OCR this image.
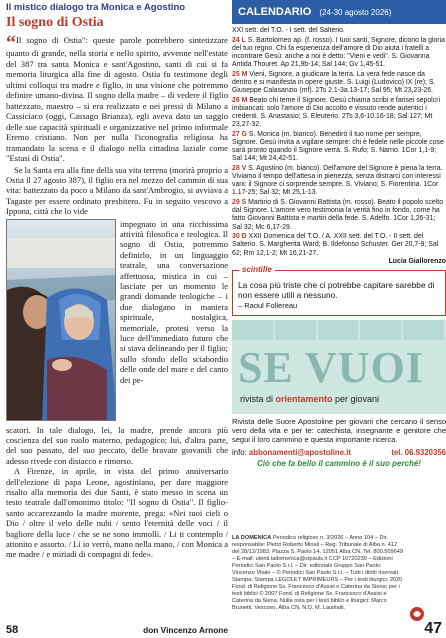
Il mistico dialogo tra Monica e Agostino
Il sogno di Ostia

“Il sogno di Ostia": queste parole potrebbero sintetizzare quanto di grande, nella storia e nello spirito, avvenne nell'estate del 387 tra santa Monica e sant'Agostino, santi di cui si fa memoria liturgica alla fine di agosto. Ostia fu testimone degli ultimi colloqui tra madre e figlio, in una visione che potremmo definire umano-divina. Il sogno della madre – di vedere il figlio battezzato, maestro – si era realizzato e nei pressi di Milano a Cassiciaco (oggi, Cassago Brianza), egli aveva dato un saggio delle sue capacità spirituali e organizzative nel primo informale Eremo cristiano. Non per nulla l'iconografia religiosa ha tramandato la scena e il dialogo nella cittadina laziale come "Estasi di Ostia".

Se la Santa era alla fine della sua vita terrena (morirà proprio a Ostia il 27 agosto 387), il figlio era nel mezzo del cammin di sua vita: battezzato da poco a Milano da sant'Ambrogio, si avviava a Tagaste per essere ordinato presbitero. Fu in seguito vescovo a Ippona, città che lo vide

impegnato in una ricchissima attività filosofica e teologica. Il sogno di Ostia, potremmo definirlo, in un linguaggio teatrale, una conversazione affettuosa, mistica in cui – lasciate per un momento le grandi domande teologiche – i due dialogano in maniera spirituale, nostalgica, memoriale, protesi verso la luce dell'immediato futuro che si stava delineando per il figlio; sullo sfondo dello sciabordio delle onde del mare e del canto dei pe-

scatori. In tale dialogo, lei, la madre, prende ancora più coscienza del suo ruolo materno, pedagogico; lui, d'altra parte, del suo passato, del suo peccato, delle bravate giovanili che adesso rivede con distacco e rimorso.

A Firenze, in aprile, in vista del primo anniversario dell'elezione di papa Leone, agostiniano, per dare maggiore risalto alla memoria dei due Santi, è stato messo in scena un testo teatrale dall'omonimo titolo: "Il sogno di Ostia". Il figlio-santo accarezzando la madre morente, prega: «Nei tuoi cieli o Dio / oltre il velo delle nubi / sento l'eternità delle voci / il bagliore della luce / che se ne sono immolli. / Li ti contemplo / attonito e assorto. / Li io verrò, mano nella mano, / con Monica a me madre / e miriadi di compagni di fede».

58	don Vincenzo Arnone
CALENDARIO (24-30 agosto 2026)
XXI sett. del T.O. - I sett. del Salterio.
24 L S. Bartolomeo ap. (f. rosso). I tuoi santi, Signore, dicono la gloria del tuo regno. Chi fa esperienza dell'amore di Dio aiuta i fratelli a incontrare Gesù: anche a noi è detto: "Vieni e vedi". S. Giovanna Antida Thouret. Ap 21,9b-14; Sal 144; Gv 1,45-51.
25 M Vieni, Signore, a giudicare la terra. La vera fede nasce da dentro e si manifesta in opere giuste. S. Luigi (Ludovico) IX (re); S. Giuseppe Calasanzio (mf). 2Ts 2,1-3a.13-17; Sal 95; Mt 23,23-26.
26 M Beato chi teme il Signore. Gesù chiama scribi e farisei sepolcri imbiancati: solo l'amore di Dio accolto e vissuto rende autentici i credenti. S. Anastasio; S. Eleuterio. 2Ts 3,6-10.16-18; Sal 127; Mt 23,27-32.
27 G S. Monica (m. bianco). Benedirò il tuo nome per sempre, Signore. Gesù invita a vigilare sempre: chi è fedele nelle piccole cose sarà pronto quando il Signore verrà. S. Rufo; S. Narno. 1Cor 1,1-9; Sal 144; Mt 24,42-51.
28 V S. Agostino (m. bianco). Dell'amore del Signore è piena la terra. Viviamo il tempo dell'attesa in pienezza, senza distrarci con interessi vani: il Signore ci sorprende sempre. S. Viviano; S. Fiorentina. 1Cor 1,17-25; Sal 32; Mt 25,1-13.
29 S Martirio di S. Giovanni Battista (m. rosso). Beato il popolo scelto dal Signore. L'amore vero testimonia la verità fino in fondo, come ha fatto Giovanni Battista e martiri della fede. S. Adelfo. 1Cor 1,26-31; Sal 32; Mc 6,17-29.
30 D XXII Domenica del T.O. / A. XXII sett. del T.O. - II sett. del Salterio. S. Margherita Ward; B. Ildefonso Schuster. Ger 20,7-9; Sal 62; Rm 12,1-2; Mt 16,21-27.
Lucia Giallorenzo
scintille
La cosa più triste che ci potrebbe capitare sarebbe di non essere utili a nessuno.
– Raoul Follereau
SE VUOI
rivista di orientamento per giovani
Rivista delle Suore Apostoline per giovani che cercano il senso vero della vita e per te: catechista, insegnante e genitore che segui il loro cammino e questa importante ricerca.
info: abbonamenti@apostoline.it	tel. 06.9320356
Ciò che fa bello il cammino è il suo perché!
LA DOMENICA Periodico religioso n. 3/2026 – Anno 104 – Dir. responsabile: Pietro Roberto Minali – Reg. Tribunale di Alba n. 412 del 28/12/1983, Piazza S. Paolo 14, 12051 Alba CN. Tel. 800.509649 – E-mail: utenti.ladomenica@stpauls.it CCP 10720230 – Edizioni Periodici San Paolo S.r.l. – Dir. editoriale Gruppo San Paolo: Vincenzo Vitale – © Periodici San Paolo S.r.l. – Tutti i diritti riservati. Stampa: Stampa LEGOLET IMPRIMEURS – Per i testi liturgici: 2020 Fond. di Religione Ss. Francesco d'Assisi e Caterina da Siena; per i testi biblici © 2007 Fond. di Religione Ss. Francesco d'Assisi e Caterina da Siena. Nulla osta per i testi biblici e liturgici: Marco Brunetti, Vescovo, Alba CN, N.D. M. Laurilaiti.
47
